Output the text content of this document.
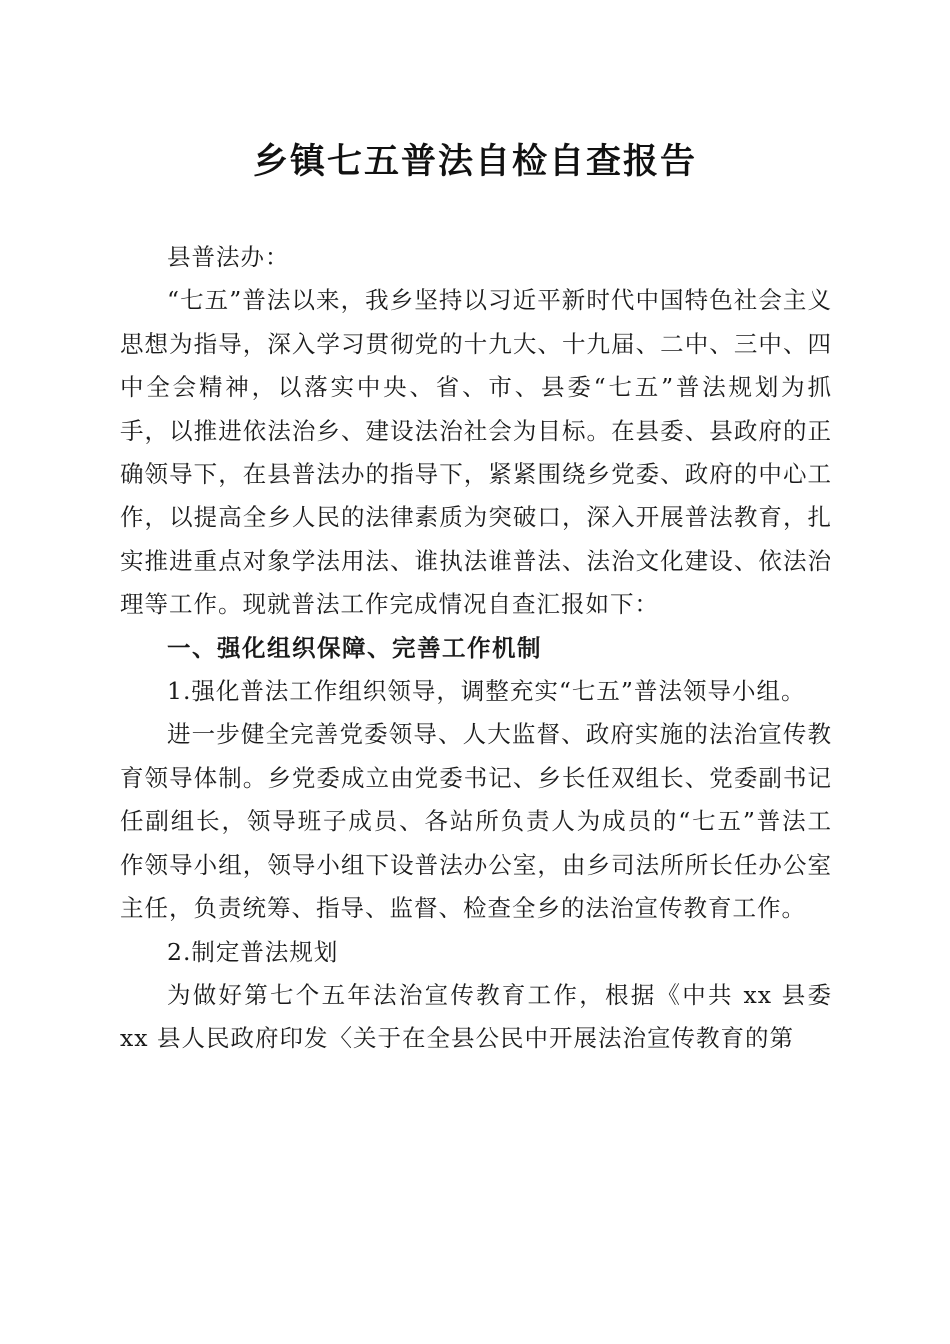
乡镇七五普法自检自查报告

县普法办：

“七五”普法以来，我乡坚持以习近平新时代中国特色社会主义思想为指导，深入学习贯彻党的十九大、十九届、二中、三中、四中全会精神，以落实中央、省、市、县委“七五”普法规划为抓手，以推进依法治乡、建设法治社会为目标。在县委、县政府的正确领导下，在县普法办的指导下，紧紧围绕乡党委、政府的中心工作，以提高全乡人民的法律素质为突破口，深入开展普法教育，扎实推进重点对象学法用法、谁执法谁普法、法治文化建设、依法治理等工作。现就普法工作完成情况自查汇报如下：

一、强化组织保障、完善工作机制

1.强化普法工作组织领导，调整充实“七五”普法领导小组。

进一步健全完善党委领导、人大监督、政府实施的法治宣传教育领导体制。乡党委成立由党委书记、乡长任双组长、党委副书记任副组长，领导班子成员、各站所负责人为成员的“七五”普法工作领导小组，领导小组下设普法办公室，由乡司法所所长任办公室主任，负责统筹、指导、监督、检查全乡的法治宣传教育工作。

2.制定普法规划

为做好第七个五年法治宣传教育工作，根据《中共 xx 县委 xx 县人民政府印发〈关于在全县公民中开展法治宣传教育的第
